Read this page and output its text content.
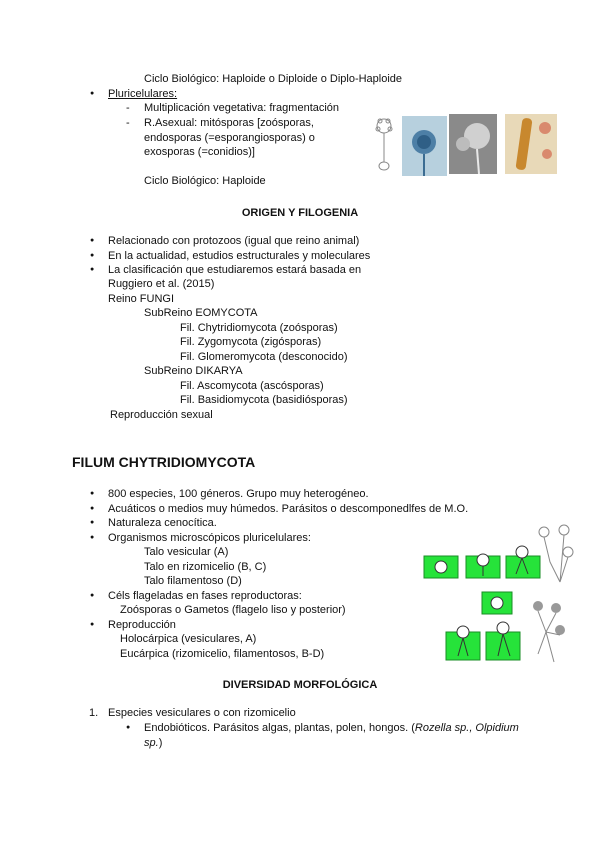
Ciclo Biológico: Haploide o Diploide o Diplo-Haploide
● Pluricelulares:
- Multiplicación vegetativa: fragmentación
- R.Asexual: mitósporas [zoósporas,
endosporas (=esporangiosporas) o
exosporas (=conidios)]
Ciclo Biológico: Haploide
ORIGEN Y FILOGENIA
● Relacionado con protozoos (igual que reino animal)
● En la actualidad, estudios estructurales y moleculares
● La clasificación que estudiaremos estará basada en
Ruggiero et al. (2015)
Reino FUNGI
SubReino EOMYCOTA
Fil. Chytridiomycota (zoósporas)
Fil. Zygomycota (zigósporas)
Fil. Glomeromycota (desconocido)
SubReino DIKARYA
Fil. Ascomycota (ascósporas)
Fil. Basidiomycota (basidiósporas)
Reproducción sexual
FILUM CHYTRIDIOMYCOTA
● 800 especies, 100 géneros. Grupo muy heterogéneo.
● Acuáticos o medios muy húmedos. Parásitos o descomponedlfes de M.O.
● Naturaleza cenocítica.
● Organismos microscópicos pluricelulares:
Talo vesicular (A)
Talo en rizomicelio (B, C)
Talo filamentoso (D)
● Céls flageladas en fases reproductoras:
Zoósporas o Gametos (flagelo liso y posterior)
● Reproducción
Holocárpica (vesiculares, A)
Eucárpica (rizomicelio, filamentosos, B-D)
DIVERSIDAD MORFOLÓGICA
1. Especies vesiculares o con rizomicelio
● Endobióticos. Parásitos algas, plantas, polen, hongos. (Rozella sp., Olpidium
sp.)
